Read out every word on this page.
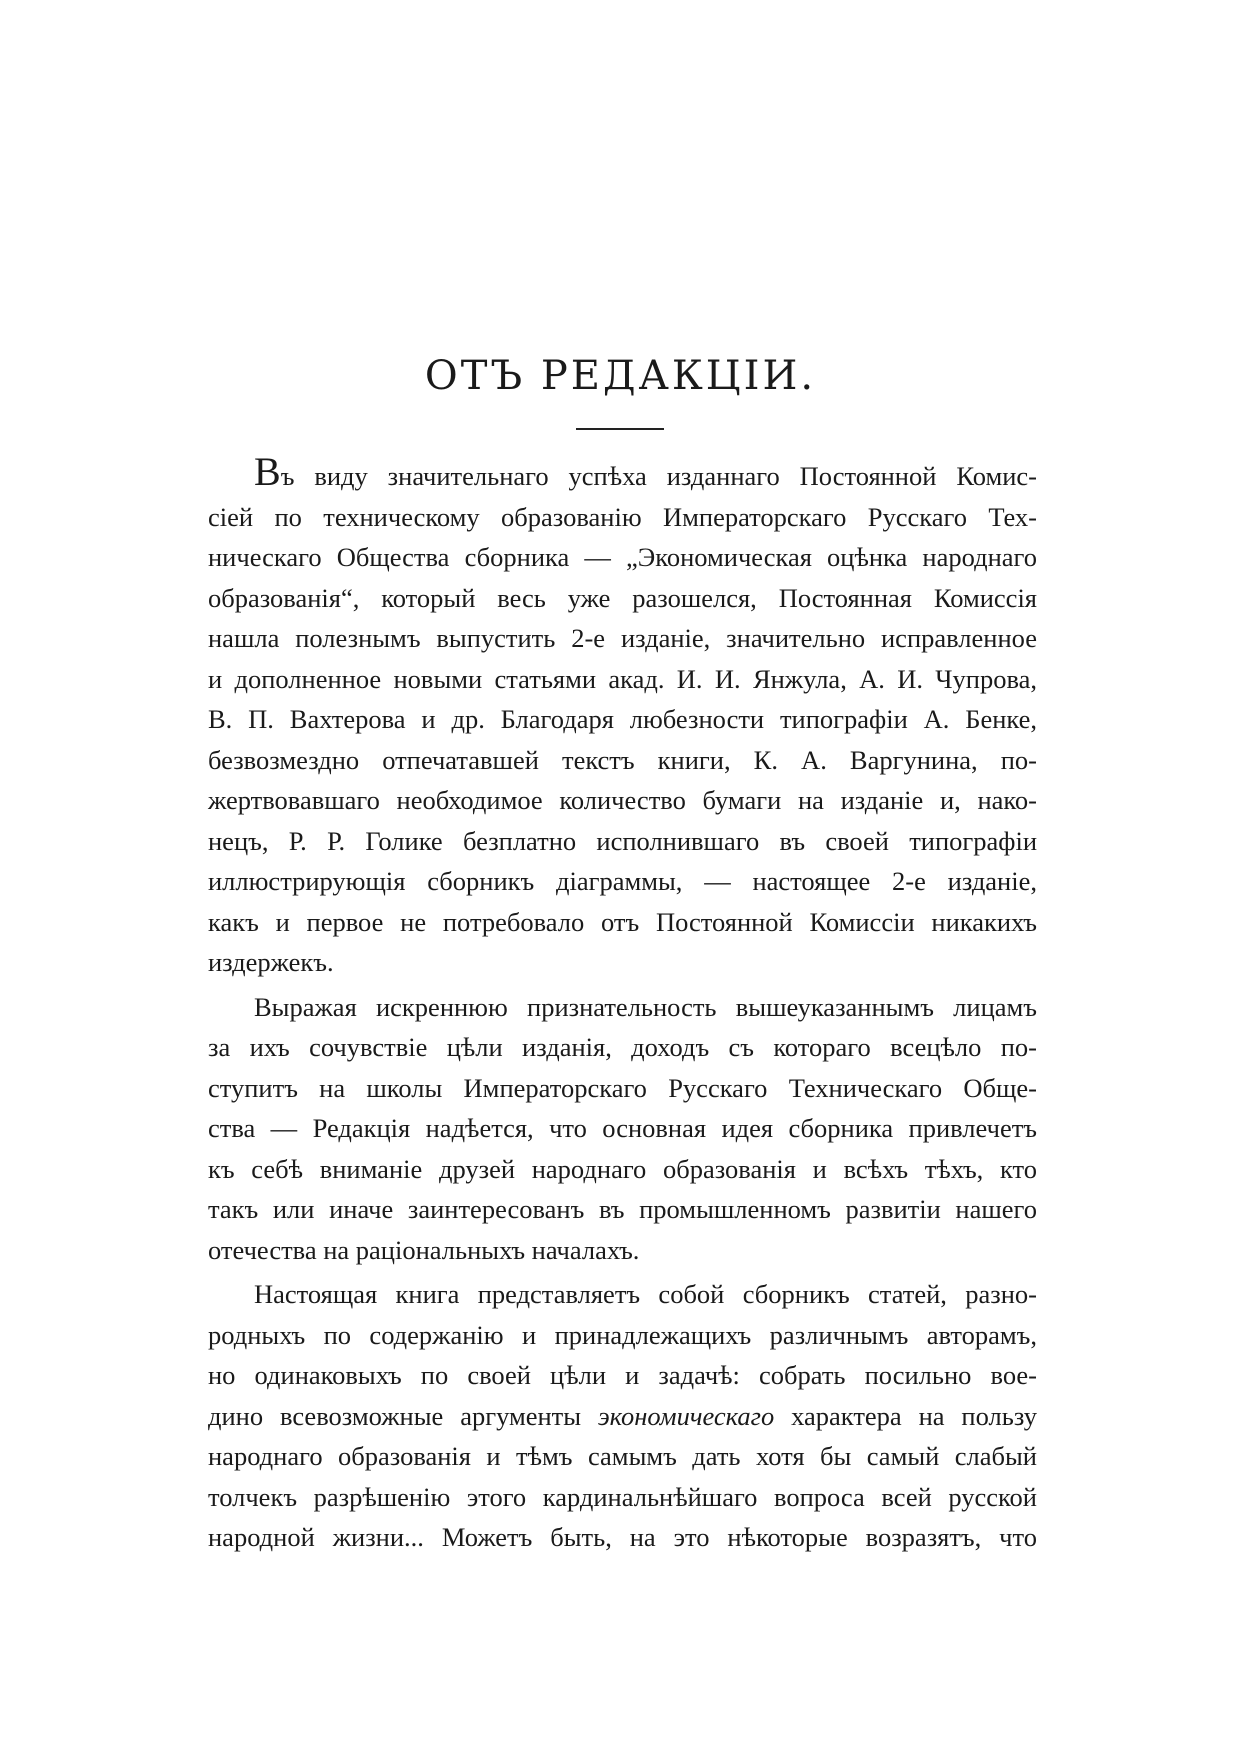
ОТЪ РЕДАКЦІИ.
Въ виду значительнаго успѣха изданнаго Постоянной Комис-
сіей по техническому образованію Императорскаго Русскаго Тех-
ническаго Общества сборника — „Экономическая оцѣнка народнаго
образованія“, который весь уже разошелся, Постоянная Комиссія
нашла полезнымъ выпустить 2-е изданіе, значительно исправленное
и дополненное новыми статьями акад. И. И. Янжула, А. И. Чупрова,
В. П. Вахтерова и др. Благодаря любезности типографіи А. Бенке,
безвозмездно отпечатавшей текстъ книги, К. А. Варгунина, по-
жертвовавшаго необходимое количество бумаги на изданіе и, нако-
нецъ, Р. Р. Голике безплатно исполнившаго въ своей типографіи
иллюстрирующія сборникъ діаграммы, — настоящее 2-е изданіе,
какъ и первое не потребовало отъ Постоянной Комиссіи никакихъ
издержекъ.
Выражая искреннюю признательность вышеуказаннымъ лицамъ
за ихъ сочувствіе цѣли изданія, доходъ съ котораго всецѣло по-
ступитъ на школы Императорскаго Русскаго Техническаго Обще-
ства — Редакція надѣется, что основная идея сборника привлечетъ
къ себѣ вниманіе друзей народнаго образованія и всѣхъ тѣхъ, кто
такъ или иначе заинтересованъ въ промышленномъ развитіи нашего
отечества на раціональныхъ началахъ.
Настоящая книга представляетъ собой сборникъ статей, разно-
родныхъ по содержанію и принадлежащихъ различнымъ авторамъ,
но одинаковыхъ по своей цѣли и задачѣ: собрать посильно вое-
дино всевозможные аргументы экономическаго характера на пользу
народнаго образованія и тѣмъ самымъ дать хотя бы самый слабый
толчекъ разрѣшенію этого кардинальнѣйшаго вопроса всей русской
народной жизни... Можетъ быть, на это нѣкоторые возразятъ, что
